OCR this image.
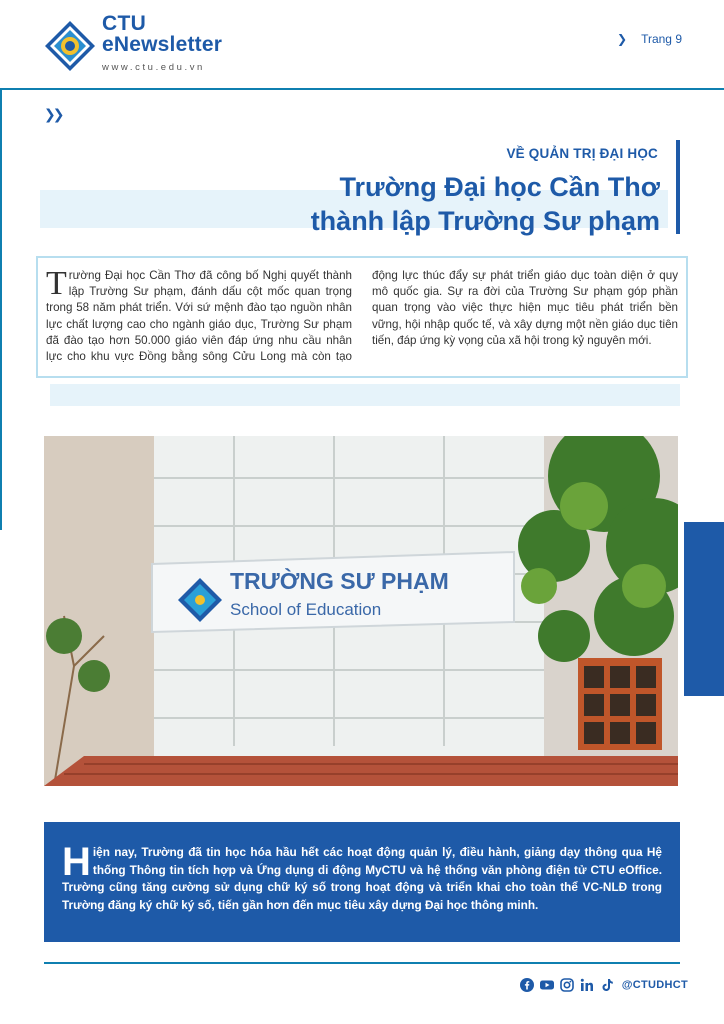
CTU
eNewsletter
www.ctu.edu.vn
❯ Trang 9
❯❯
VỀ QUẢN TRỊ ĐẠI HỌC
Trường Đại học Cần Thơ
thành lập Trường Sư phạm
Trường Đại học Cần Thơ đã công bố Nghị quyết thành lập Trường Sư phạm, đánh dấu cột mốc quan trọng trong 58 năm phát triển. Với sứ mệnh đào tạo nguồn nhân lực chất lượng cao cho ngành giáo dục, Trường Sư phạm đã đào tạo hơn 50.000 giáo viên đáp ứng nhu cầu nhân lực cho khu vực Đồng bằng sông Cửu Long mà còn tạo động lực thúc đẩy sự phát triển giáo dục toàn diện ở quy mô quốc gia. Sự ra đời của Trường Sư phạm góp phần quan trọng vào việc thực hiện mục tiêu phát triển bền vững, hội nhập quốc tế, và xây dựng một nền giáo dục tiên tiến, đáp ứng kỳ vọng của xã hội trong kỷ nguyên mới.
TRƯỜNG SƯ PHẠM
School of Education
Hiện nay, Trường đã tin học hóa hầu hết các hoạt động quản lý, điều hành, giảng dạy thông qua Hệ thống Thông tin tích hợp và Ứng dụng di động MyCTU và hệ thống văn phòng điện tử CTU eOffice. Trường cũng tăng cường sử dụng chữ ký số trong hoạt động và triển khai cho toàn thể VC-NLĐ trong Trường đăng ký chữ ký số, tiến gần hơn đến mục tiêu xây dựng Đại học thông minh.
@CTUDHCT
